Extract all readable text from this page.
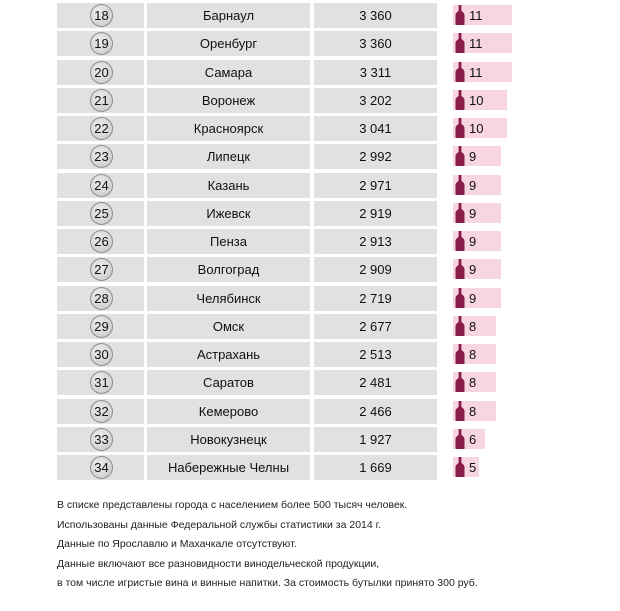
18	Барнаул	3 360	11
19	Оренбург	3 360	11
20	Самара	3 311	11
21	Воронеж	3 202	10
22	Красноярск	3 041	10
23	Липецк	2 992	9
24	Казань	2 971	9
25	Ижевск	2 919	9
26	Пенза	2 913	9
27	Волгоград	2 909	9
28	Челябинск	2 719	9
29	Омск	2 677	8
30	Астрахань	2 513	8
31	Саратов	2 481	8
32	Кемерово	2 466	8
33	Новокузнецк	1 927	6
34	Набережные Челны	1 669	5
В списке представлены города с населением более 500 тысяч человек.
Использованы данные Федеральной службы статистики за 2014 г.
Данные по Ярославлю и Махачкале отсутствуют.
Данные включают все разновидности винодельческой продукции,
в том числе игристые вина и винные напитки. За стоимость бутылки принято 300 руб.
